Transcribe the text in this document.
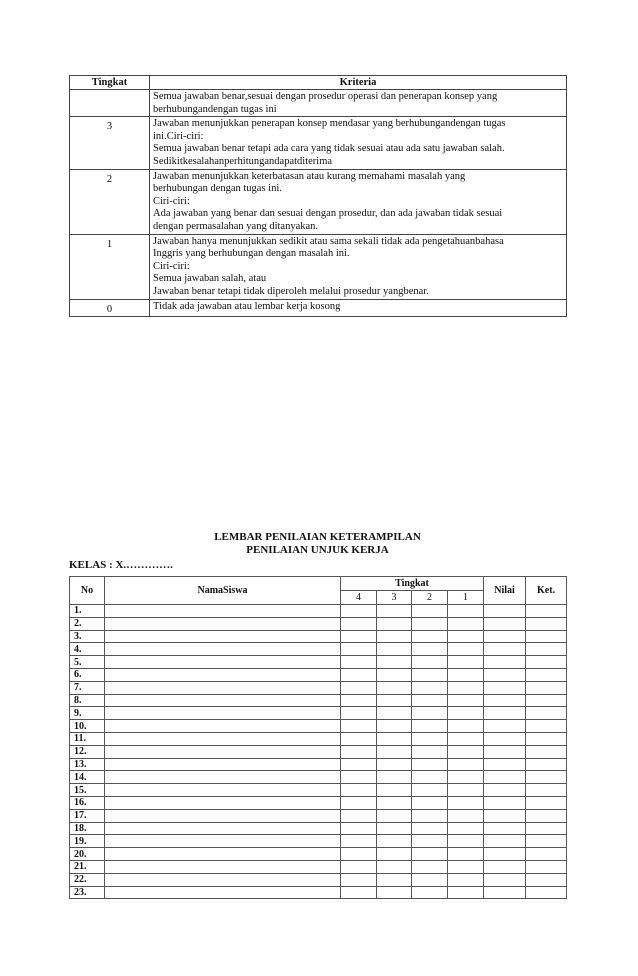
Tingkat	Kriteria

	Semua jawaban benar,sesuai dengan prosedur operasi dan penerapan konsep yang
berhubungandengan tugas ini

3	Jawaban menunjukkan penerapan konsep mendasar yang berhubungandengan tugas
ini.Ciri-ciri:
Semua jawaban benar tetapi ada cara yang tidak sesuai atau ada satu jawaban salah.
Sedikitkesalahanperhitungandapatditerima

2	Jawaban menunjukkan keterbatasan atau kurang memahami masalah yang
berhubungan dengan tugas ini.
Ciri-ciri:
Ada jawaban yang benar dan sesuai dengan prosedur, dan ada jawaban tidak sesuai
dengan permasalahan yang ditanyakan.

1	Jawaban hanya menunjukkan sedikit atau sama sekali tidak ada pengetahuanbahasa
Inggris yang berhubungan dengan masalah ini.
Ciri-ciri:
Semua jawaban salah, atau
Jawaban benar tetapi tidak diperoleh melalui prosedur yangbenar.

0	Tidak ada jawaban atau lembar kerja kosong
LEMBAR PENILAIAN KETERAMPILAN
PENILAIAN UNJUK KERJA
KELAS : X.………….
No	NamaSiswa	Tingkat				Nilai	Ket.
		4	3	2	1		
1.							
2.							
3.							
4.							
5.							
6.							
7.							
8.							
9.							
10.							
11.							
12.							
13.							
14.							
15.							
16.							
17.							
18.							
19.							
20.							
21.							
22.							
23.							
